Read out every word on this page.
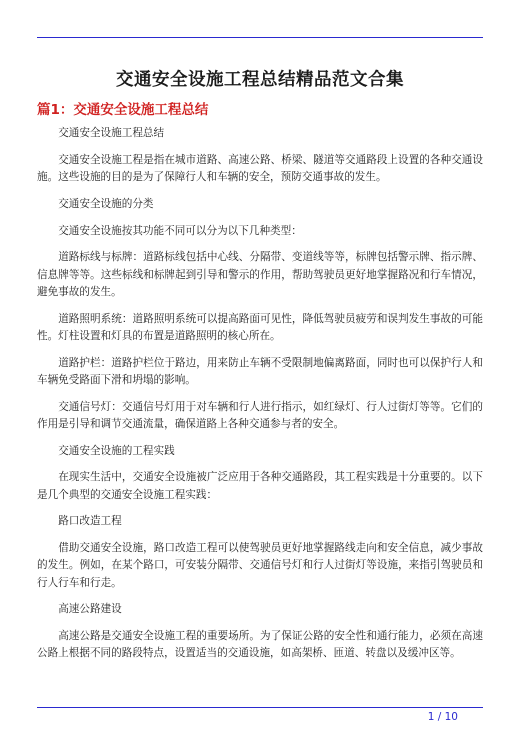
交通安全设施工程总结精品范文合集
篇1：交通安全设施工程总结

交通安全设施工程总结

交通安全设施工程是指在城市道路、高速公路、桥梁、隧道等交通路段上设置的各种交通设施。这些设施的目的是为了保障行人和车辆的安全，预防交通事故的发生。

交通安全设施的分类

交通安全设施按其功能不同可以分为以下几种类型：

道路标线与标牌：道路标线包括中心线、分隔带、变道线等等，标牌包括警示牌、指示牌、信息牌等等。这些标线和标牌起到引导和警示的作用，帮助驾驶员更好地掌握路况和行车情况，避免事故的发生。

道路照明系统：道路照明系统可以提高路面可见性，降低驾驶员疲劳和误判发生事故的可能性。灯柱设置和灯具的布置是道路照明的核心所在。

道路护栏：道路护栏位于路边，用来防止车辆不受限制地偏离路面，同时也可以保护行人和车辆免受路面下滑和坍塌的影响。

交通信号灯：交通信号灯用于对车辆和行人进行指示，如红绿灯、行人过街灯等等。它们的作用是引导和调节交通流量，确保道路上各种交通参与者的安全。

交通安全设施的工程实践

在现实生活中，交通安全设施被广泛应用于各种交通路段，其工程实践是十分重要的。以下是几个典型的交通安全设施工程实践：

路口改造工程

借助交通安全设施，路口改造工程可以使驾驶员更好地掌握路线走向和安全信息，减少事故的发生。例如，在某个路口，可安装分隔带、交通信号灯和行人过街灯等设施，来指引驾驶员和行人行车和行走。

高速公路建设

高速公路是交通安全设施工程的重要场所。为了保证公路的安全性和通行能力，必须在高速公路上根据不同的路段特点，设置适当的交通设施，如高架桥、匝道、转盘以及缓冲区等。

1 / 10
